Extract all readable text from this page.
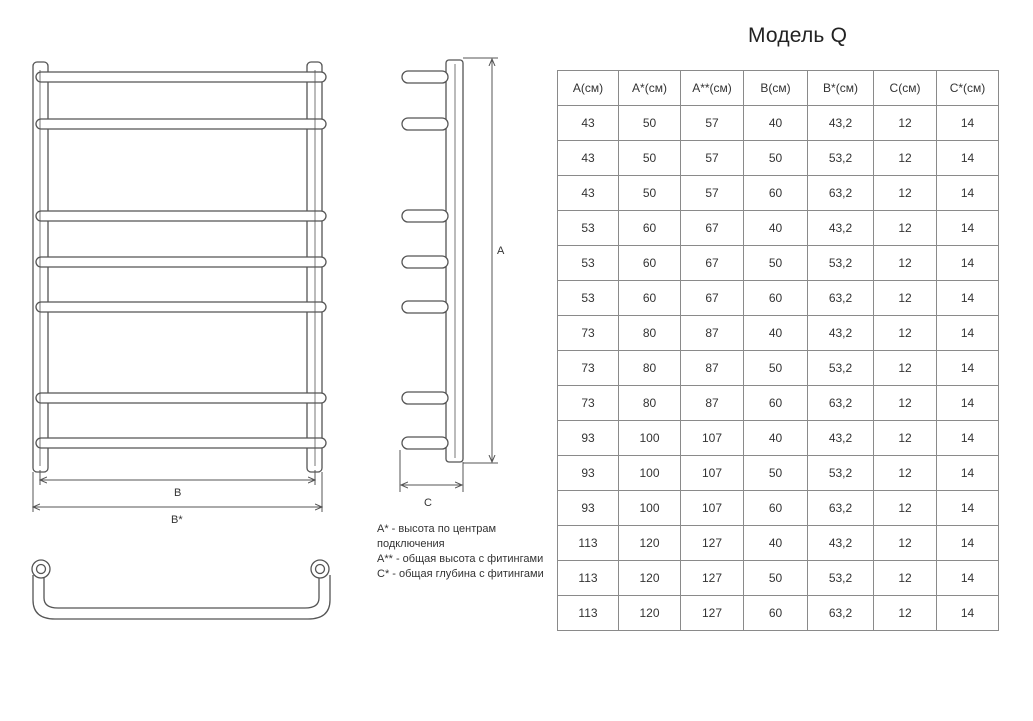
B
B*
A
C

A* - высота по центрам подключения

A** - общая высота с фитингами

C* - общая глубина с фитингами

Модель Q
A(см)	A*(см)	A**(см)	B(см)	B*(см)	C(см)	C*(см)
43	50	57	40	43,2	12	14
43	50	57	50	53,2	12	14
43	50	57	60	63,2	12	14
53	60	67	40	43,2	12	14
53	60	67	50	53,2	12	14
53	60	67	60	63,2	12	14
73	80	87	40	43,2	12	14
73	80	87	50	53,2	12	14
73	80	87	60	63,2	12	14
93	100	107	40	43,2	12	14
93	100	107	50	53,2	12	14
93	100	107	60	63,2	12	14
113	120	127	40	43,2	12	14
113	120	127	50	53,2	12	14
113	120	127	60	63,2	12	14
